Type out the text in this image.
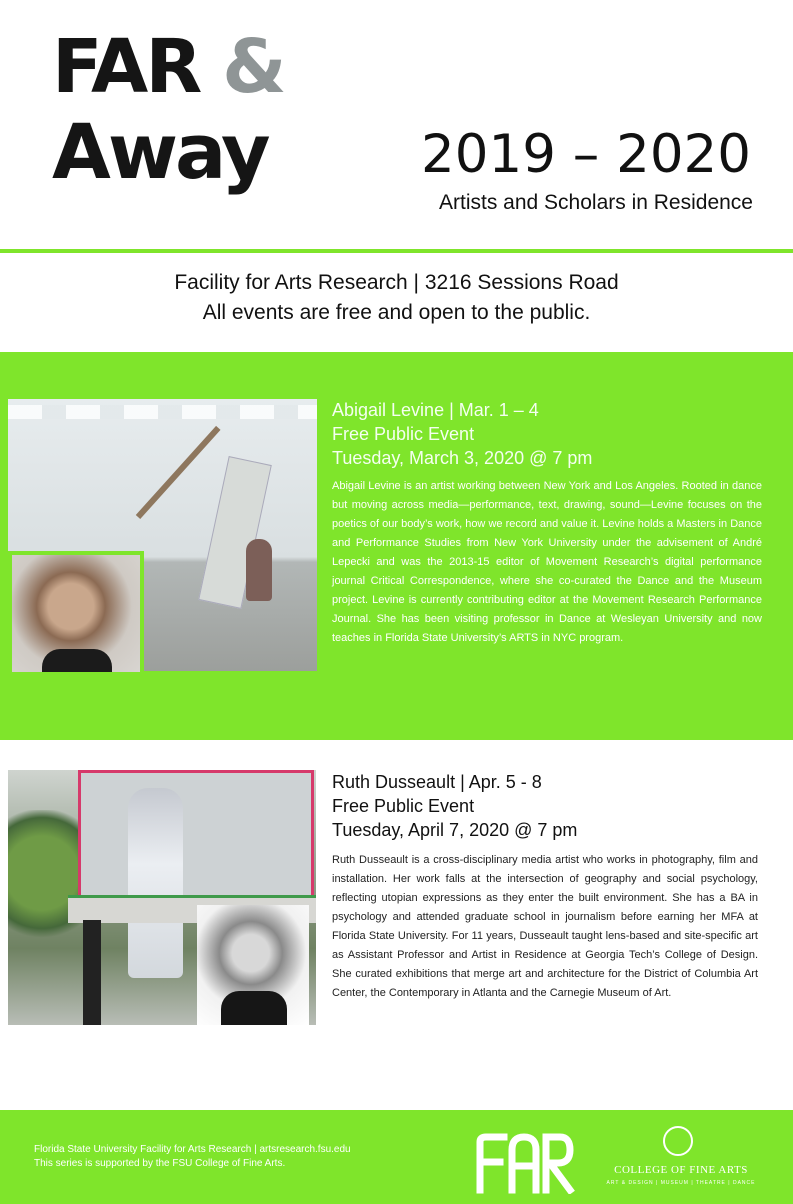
FAR &
Away	2019 – 2020
Artists and Scholars in Residence
Facility for Arts Research | 3216 Sessions Road
All events are free and open to the public.
Abigail Levine | Mar. 1 – 4
Free Public Event
Tuesday, March 3, 2020 @ 7 pm
Abigail Levine is an artist working between New York and Los Angeles. Rooted in dance but moving across media—performance, text, drawing, sound—Levine focuses on the poetics of our body’s work, how we record and value it. Levine holds a Masters in Dance and Performance Studies from New York University under the advisement of André Lepecki and was the 2013-15 editor of Movement Research’s digital performance journal Critical Correspondence, where she co-curated the Dance and the Museum project. Levine is currently contributing editor at the Movement Research Performance Journal. She has been visiting professor in Dance at Wesleyan University and now teaches in Florida State University’s ARTS in NYC program.
Ruth Dusseault | Apr. 5 - 8
Free Public Event
Tuesday, April 7, 2020 @ 7 pm
Ruth Dusseault is a cross-disciplinary media artist who works in photography, film and installation. Her work falls at the intersection of geography and social psychology, reflecting utopian expressions as they enter the built environment. She has a BA in psychology and attended graduate school in journalism before earning her MFA at Florida State University. For 11 years, Dusseault taught lens-based and site-specific art as Assistant Professor and Artist in Residence at Georgia Tech’s College of Design. She curated exhibitions that merge art and architecture for the District of Columbia Art Center, the Contemporary in Atlanta and the Carnegie Museum of Art.
Florida State University Facility for Arts Research | artsresearch.fsu.edu
This series is supported by the FSU College of Fine Arts.
FAR
COLLEGE OF FINE ARTS
ART & DESIGN | MUSEUM | THEATRE | DANCE
